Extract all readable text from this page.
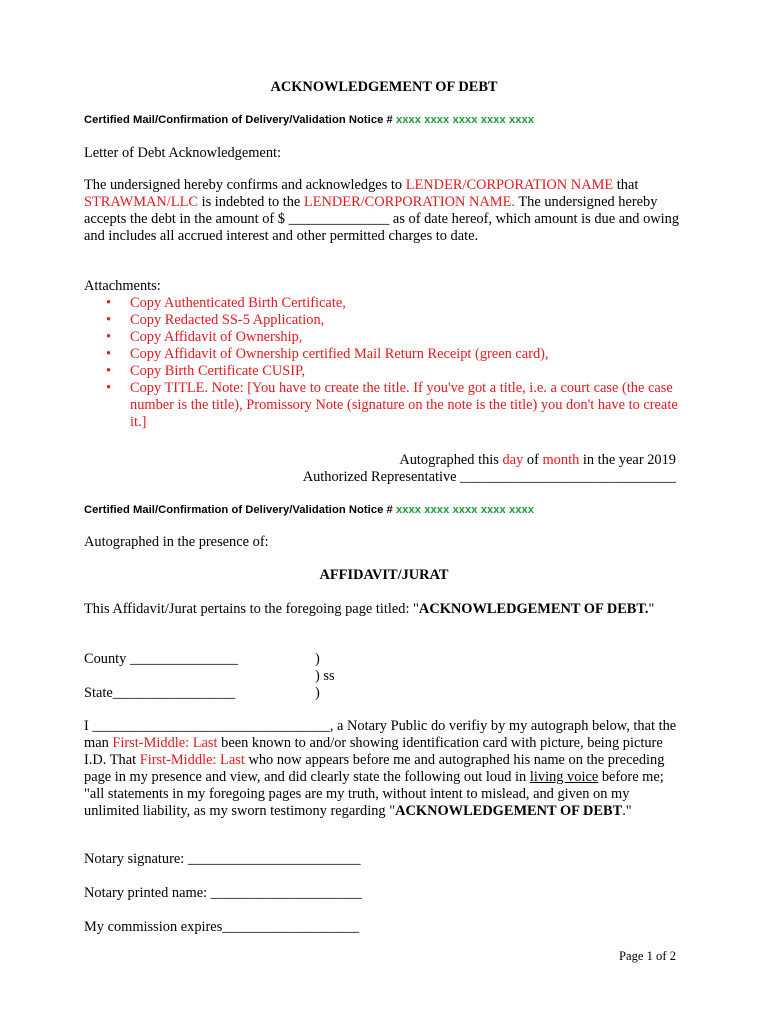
ACKNOWLEDGEMENT OF DEBT
Certified Mail/Confirmation of Delivery/Validation Notice # xxxx xxxx xxxx xxxx xxxx
Letter of Debt Acknowledgement:

The undersigned hereby confirms and acknowledges to LENDER/CORPORATION NAME that STRAWMAN/LLC is indebted to the LENDER/CORPORATION NAME. The undersigned hereby accepts the debt in the amount of $ ______________ as of date hereof, which amount is due and owing and includes all accrued interest and other permitted charges to date.

Attachments:
• Copy Authenticated Birth Certificate,
• Copy Redacted SS-5 Application,
• Copy Affidavit of Ownership,
• Copy Affidavit of Ownership certified Mail Return Receipt (green card),
• Copy Birth Certificate CUSIP,
• Copy TITLE. Note: [You have to create the title. If you've got a title, i.e. a court case (the case number is the title), Promissory Note (signature on the note is the title) you don't have to create it.]
Autographed this day of month in the year 2019
Authorized Representative ______________________________
Certified Mail/Confirmation of Delivery/Validation Notice # xxxx xxxx xxxx xxxx xxxx
Autographed in the presence of:
AFFIDAVIT/JURAT

This Affidavit/Jurat pertains to the foregoing page titled: "ACKNOWLEDGEMENT OF DEBT."

County _______________	)
) ss
State_________________	)

I _________________________________, a Notary Public do verifiy by my autograph below, that the man First-Middle: Last been known to and/or showing identification card with picture, being picture I.D. That First-Middle: Last who now appears before me and autographed his name on the preceding page in my presence and view, and did clearly state the following out loud in living voice before me; "all statements in my foregoing pages are my truth, without intent to mislead, and given on my unlimited liability, as my sworn testimony regarding "ACKNOWLEDGEMENT OF DEBT."

Notary signature: ________________________
Notary printed name: _____________________
My commission expires___________________
Page 1 of 2
